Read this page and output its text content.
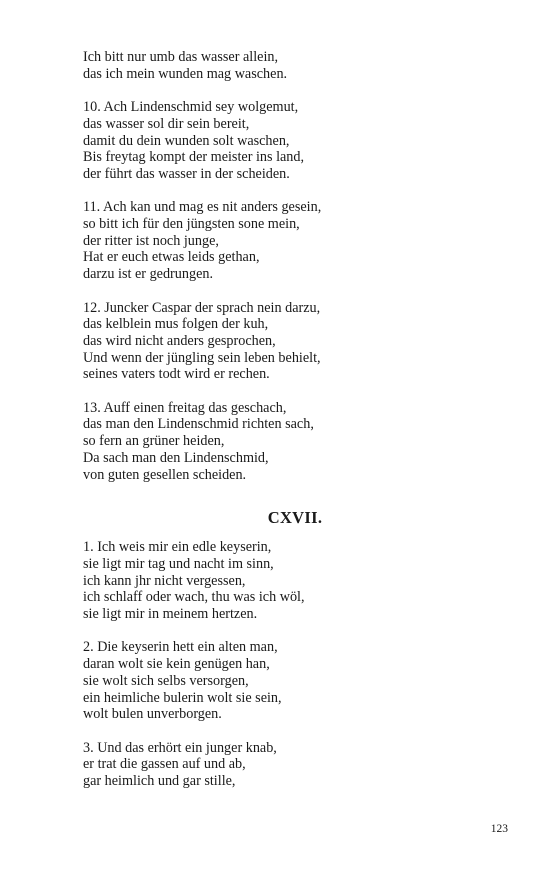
Ich bitt nur umb das wasser allein,
das ich mein wunden mag waschen.
10. Ach Lindenschmid sey wolgemut,
das wasser sol dir sein bereit,
damit du dein wunden solt waschen,
Bis freytag kompt der meister ins land,
der führt das wasser in der scheiden.
11. Ach kan und mag es nit anders gesein,
so bitt ich für den jüngsten sone mein,
der ritter ist noch junge,
Hat er euch etwas leids gethan,
darzu ist er gedrungen.
12. Juncker Caspar der sprach nein darzu,
das kelblein mus folgen der kuh,
das wird nicht anders gesprochen,
Und wenn der jüngling sein leben behielt,
seines vaters todt wird er rechen.
13. Auff einen freitag das geschach,
das man den Lindenschmid richten sach,
so fern an grüner heiden,
Da sach man den Lindenschmid,
von guten gesellen scheiden.
CXVII.
1. Ich weis mir ein edle keyserin,
sie ligt mir tag und nacht im sinn,
ich kann jhr nicht vergessen,
ich schlaff oder wach, thu was ich wöl,
sie ligt mir in meinem hertzen.
2. Die keyserin hett ein alten man,
daran wolt sie kein genügen han,
sie wolt sich selbs versorgen,
ein heimliche bulerin wolt sie sein,
wolt bulen unverborgen.
3. Und das erhört ein junger knab,
er trat die gassen auf und ab,
gar heimlich und gar stille,
123
